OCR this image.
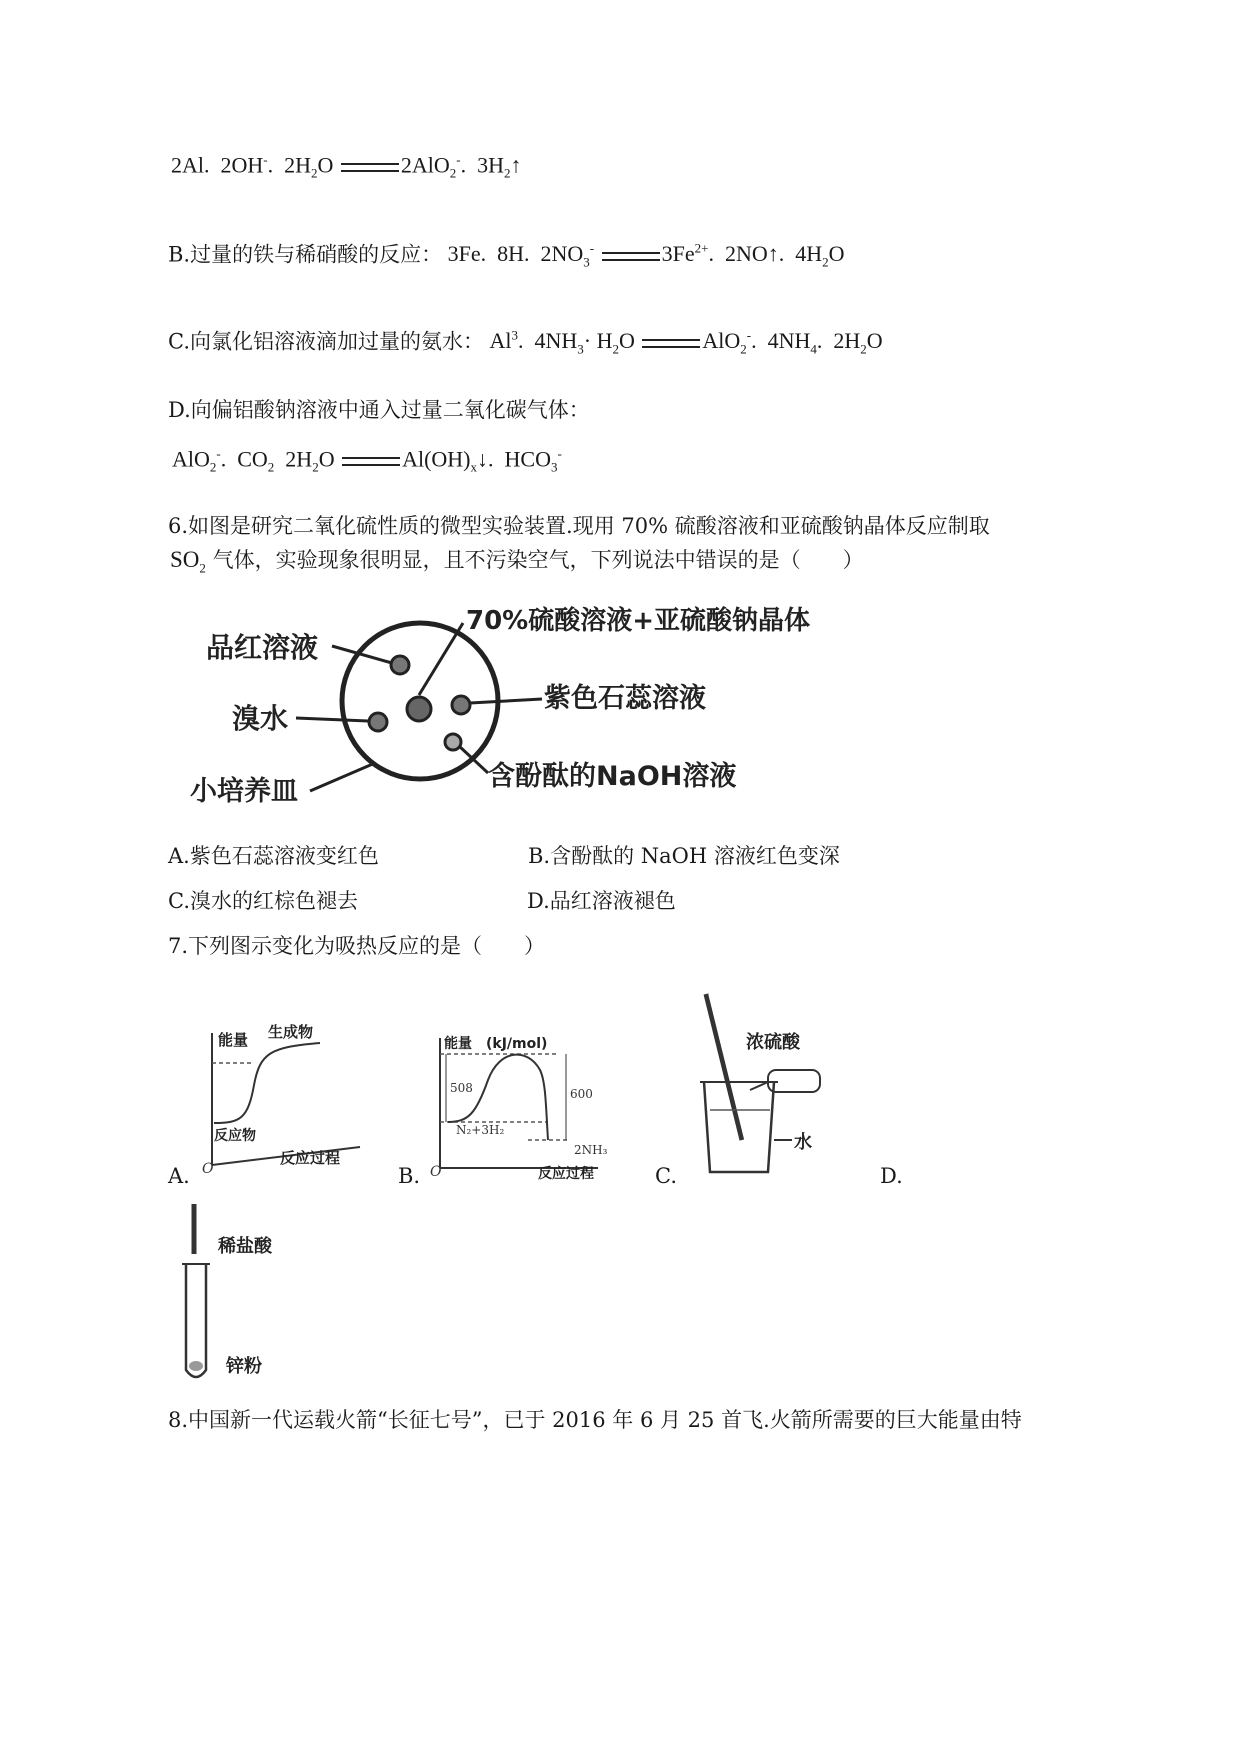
2Al. 2OH-. $2H_2O$	2AlO$_2$-. $3H_2↑$
B.过量的铁与稀硝酸的反应： 3Fe.  8H.  $2NO_3^-$	$3Fe^{2+}$.  2NO↑.  $4H_2O$
C.向氯化铝溶液滴加过量的氨水： Al$^3$.  $4NH_3\cdot H_2O$	AlO$_2$-.  $4NH_4$.  $2H_2O$
D.向偏铝酸钠溶液中通入过量二氧化碳气体：
AlO$_2$-.  $CO_2$ $2H_2O$	$Al(OH)_x↓$.  $HCO_3^-$
6.如图是研究二氧化硫性质的微型实验装置.现用 70% 硫酸溶液和亚硫酸钠晶体反应制取
$SO_2$ 气体，实验现象很明显，且不污染空气，下列说法中错误的是（　　）
品红溶液
70%硫酸溶液+亚硫酸钠晶体
溴水
紫色石蕊溶液
含酚酞的NaOH溶液
小培养皿
A.紫色石蕊溶液变红色	B.含酚酞的 NaOH 溶液红色变深
C.溴水的红棕色褪去	D.品红溶液褪色
7.下列图示变化为吸热反应的是（　　）
能量 生成物
反应物
反应过程
O
A.
能量　(kJ/mol)
508	600
N₂+3H₂
2NH₃
反应过程
O
B.
浓硫酸
水
C.	D.
稀盐酸
锌粉
8.中国新一代运载火箭“长征七号”，已于 2016 年 6 月 25 首飞.火箭所需要的巨大能量由特
